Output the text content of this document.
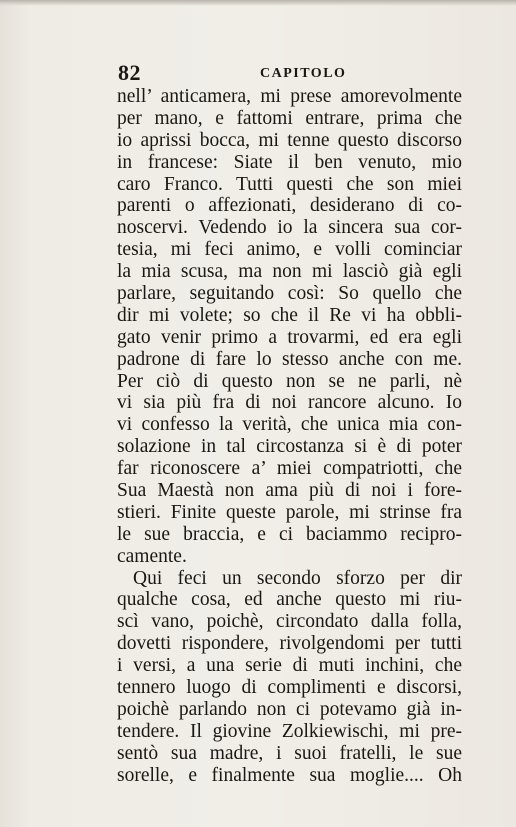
82	CAPITOLO
nell’ anticamera, mi prese amorevolmente
per mano, e fattomi entrare, prima che
io aprissi bocca, mi tenne questo discorso
in francese: Siate il ben venuto, mio
caro Franco. Tutti questi che son miei
parenti o affezionati, desiderano di co-
noscervi. Vedendo io la sincera sua cor-
tesia, mi feci animo, e volli cominciar
la mia scusa, ma non mi lasciò già egli
parlare, seguitando così: So quello che
dir mi volete; so che il Re vi ha obbli-
gato venir primo a trovarmi, ed era egli
padrone di fare lo stesso anche con me.
Per ciò di questo non se ne parli, nè
vi sia più fra di noi rancore alcuno. Io
vi confesso la verità, che unica mia con-
solazione in tal circostanza si è di poter
far riconoscere a’ miei compatriotti, che
Sua Maestà non ama più di noi i fore-
stieri. Finite queste parole, mi strinse fra
le sue braccia, e ci baciammo recipro-
camente.
Qui feci un secondo sforzo per dir
qualche cosa, ed anche questo mi riu-
scì vano, poichè, circondato dalla folla,
dovetti rispondere, rivolgendomi per tutti
i versi, a una serie di muti inchini, che
tennero luogo di complimenti e discorsi,
poichè parlando non ci potevamo già in-
tendere. Il giovine Zolkiewischi, mi pre-
sentò sua madre, i suoi fratelli, le sue
sorelle, e finalmente sua moglie.... Oh
